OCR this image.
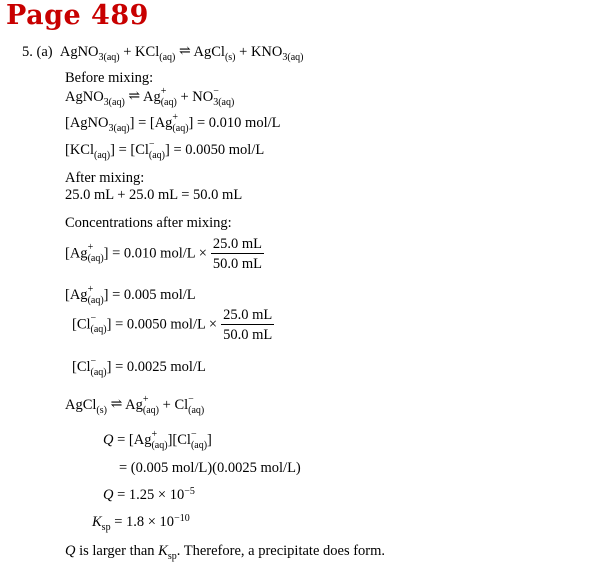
Page 489
5. (a) AgNO$_{3(aq)}$ + KCl$_{(aq)}$ ⇌ AgCl$_{(s)}$ + $KNO_{3(aq)}$
Before mixing:
AgNO$_{3(aq)}$ ⇌ Ag +
$_{(aq)}$ + NO −
$_{3(aq)}$
[AgNO$_{3(aq)}$] = [Ag +
$_{(aq)}$] = 0.010 mol/L
[KCl$_{(aq)}$] = [Cl −
$_{(aq)}$] = 0.0050 mol/L
After mixing:
25.0 mL + 25.0 mL = 50.0 mL
Concentrations after mixing:
[Ag +
$_{(aq)}$] = 0.010 $mol/L \times \frac{25.0 mL}{50.0 mL}$
[Ag +
$_{(aq)}$] = 0.005 mol/L
[Cl −
$_{(aq)}$] = 0.0050 $mol/L \times \frac{25.0 mL}{50.0 mL}$
[Cl −
$_{(aq)}$] = 0.0025 mol/L
AgCl$_{(s)}$ ⇌ Ag +
$_{(aq)}$ + Cl −
$_{(aq)}$
Q = [Ag +
$_{(aq)}$][Cl −
$_{(aq)}$]
= (0.005 mol/L)(0.0025 mol/L)
$Q = 1.25 \times 10^{-5}$
$K_{sp} = 1.8 \times 10^{-10}$
Q is larger than $K_{sp}$. Therefore, a precipitate does form.
